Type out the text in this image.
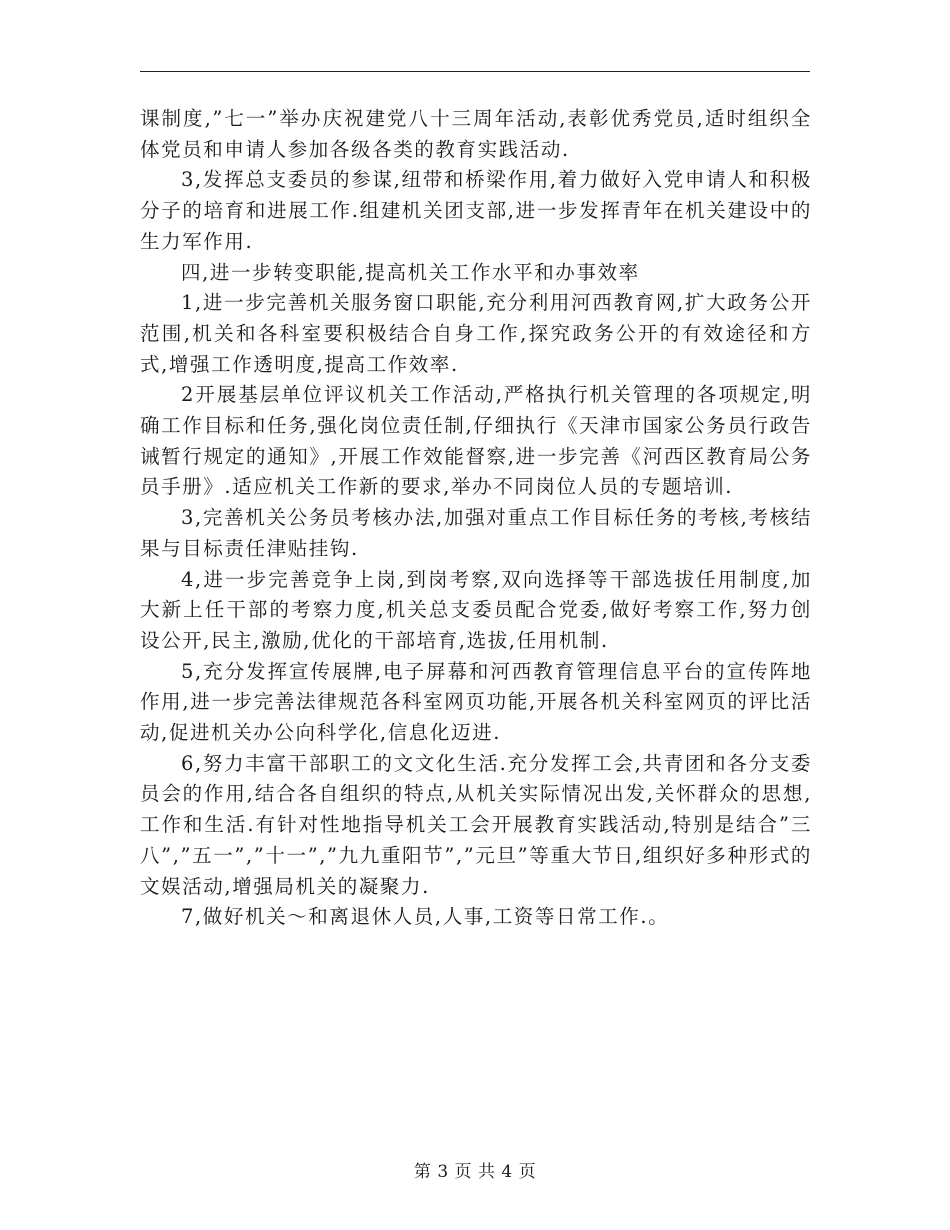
课制度,”七一”举办庆祝建党八十三周年活动,表彰优秀党员,适时组织全体党员和申请人参加各级各类的教育实践活动.

3,发挥总支委员的参谋,纽带和桥梁作用,着力做好入党申请人和积极分子的培育和进展工作.组建机关团支部,进一步发挥青年在机关建设中的生力军作用.

四,进一步转变职能,提高机关工作水平和办事效率

1,进一步完善机关服务窗口职能,充分利用河西教育网,扩大政务公开范围,机关和各科室要积极结合自身工作,探究政务公开的有效途径和方式,增强工作透明度,提高工作效率.

2开展基层单位评议机关工作活动,严格执行机关管理的各项规定,明确工作目标和任务,强化岗位责任制,仔细执行《天津市国家公务员行政告诫暂行规定的通知》,开展工作效能督察,进一步完善《河西区教育局公务员手册》.适应机关工作新的要求,举办不同岗位人员的专题培训.

3,完善机关公务员考核办法,加强对重点工作目标任务的考核,考核结果与目标责任津贴挂钩.

4,进一步完善竞争上岗,到岗考察,双向选择等干部选拔任用制度,加大新上任干部的考察力度,机关总支委员配合党委,做好考察工作,努力创设公开,民主,激励,优化的干部培育,选拔,任用机制.

5,充分发挥宣传展牌,电子屏幕和河西教育管理信息平台的宣传阵地作用,进一步完善法律规范各科室网页功能,开展各机关科室网页的评比活动,促进机关办公向科学化,信息化迈进.

6,努力丰富干部职工的文文化生活.充分发挥工会,共青团和各分支委员会的作用,结合各自组织的特点,从机关实际情况出发,关怀群众的思想,工作和生活.有针对性地指导机关工会开展教育实践活动,特别是结合”三八”,”五一”,”十一”,”九九重阳节”,”元旦”等重大节日,组织好多种形式的文娱活动,增强局机关的凝聚力.

7,做好机关～和离退休人员,人事,工资等日常工作.。

第 3 页 共 4 页
